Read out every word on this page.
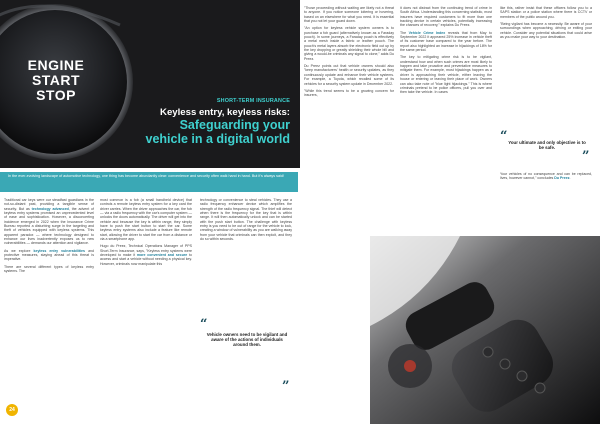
ENGINE
START
STOP	SHORT-TERM INSURANCE
Keyless entry, keyless risks:
Safeguarding your
vehicle in a digital world

In the ever-evolving landscape of automotive technology, one thing has become abundantly clear: convenience and security often walk hand in hand. But it's always said!

Traditional car keys were our steadfast guardians in the not-so-distant past, providing a tangible sense of security. But as technology advanced, the advent of keyless entry systems promised an unprecedented level of ease and sophistication. However, a disconcerting incidence emerged in 2022 when the Insurance Crime Bureau reported a disturbing surge in the targeting and theft of vehicles equipped with keyless systems. This apparent paradox — where technology designed to enhance our lives inadvertently exposes us to new vulnerabilities — demands our attention and vigilance.

As we explore keyless entry vulnerabilities and protective measures, staying ahead of this threat is imperative.

There are several different types of keyless entry systems. The

most common is a fob (a small handheld device) that controls a remote keyless entry system for a key card the driver carries. When the driver approaches the car, the fob — via a radio frequency with the car's computer system — unlocks the doors automatically. The driver will get into the vehicle and because the key is within range, they simply have to push the start button to start the car. Some keyless entry systems also include a feature like remote start, allowing the driver to start the car from a distance or via a smartphone app.

Hugo du Preez, Technical Operations Manager of PPS Short-Term Insurance, says, "Keyless entry systems were developed to make it more convenient and secure to access and start a vehicle without needing a physical key. However, criminals now manipulate this

technology or convenience to steal vehicles. They use a radio frequency enhancer device which amplifies the strength of the radio frequency signal. The thief will detect when there is the frequency for the key that is within range. It will then automatically unlock and can be started with the push start button. The challenge with keyless entry is you need to be out of range for the vehicle to lock, creating a window of vulnerability as you are walking away from your vehicle that criminals can then exploit, and they do so within seconds.

“
Vehicle owners need to be vigilant and aware of the actions of individuals around them.
”
24

"Those proceeding without waiting are likely not a threat to anyone. If you notice someone loitering or hovering, based on an elsewhere for what you need. It is essential that you not let your guard down.

"An option for keyless vehicle system owners is to purchase a fob guard (alternatively known as a Faraday pouch). In some journeys, a Faraday pouch is effectively a metal mesh inside a fabric or leather pouch. The pouch's metal layers absorb the electronic field cut up by the key dropping or greatly shielding their whole bill and giving a would-be criminals any signal to clone," adds Du Preez.

Du Preez points out that vehicle owners should also "keep manufacturers' health or security updates, as they continuously update and enhance their vehicle systems. For example, a Toyota, which recalled some of its vehicles for a security system update in December 2022.

"While this trend seems to be a growing concern for insurers,

it does not distract from the continuing trend of crime in South Africa. Understanding this concerning statistic, most insurers have required customers to fit more than one tracking device in certain vehicles, potentially increasing the chances of recovery," explains Du Preez.

The Vehicle Crime Index reveals that from May to September 2022 it appeared 25% increase in vehicle theft of its customer base compared to the year before. The report also highlighted an increase in hijackings of 18% for the same period.

The key to mitigating crime risk is to be vigilant, understand how and when such crimes are most likely to happen and take proactive and preventative measures to mitigate them. For example, most hijackings happen as a driver is approaching their vehicle, either leaving the house or entering or leaving their place of work. Owners can also take note of "blue light hijackings." This is where criminals pretend to be police officers, pull you over and then take the vehicle. In cases

like this, rather insist that these officers follow you to a SAPS station or a police station where there is CCTV or members of the public around you.

"Being vigilant has become a necessity. Be aware of your surroundings when approaching, driving or exiting your vehicle. Consider any potential situations that could arise as you make your way to your destination.

“ Your ultimate and only objective is to be safe.
”

Your vehicles of no consequence and can be replaced, lives, however cannot," concludes Du Preez.
